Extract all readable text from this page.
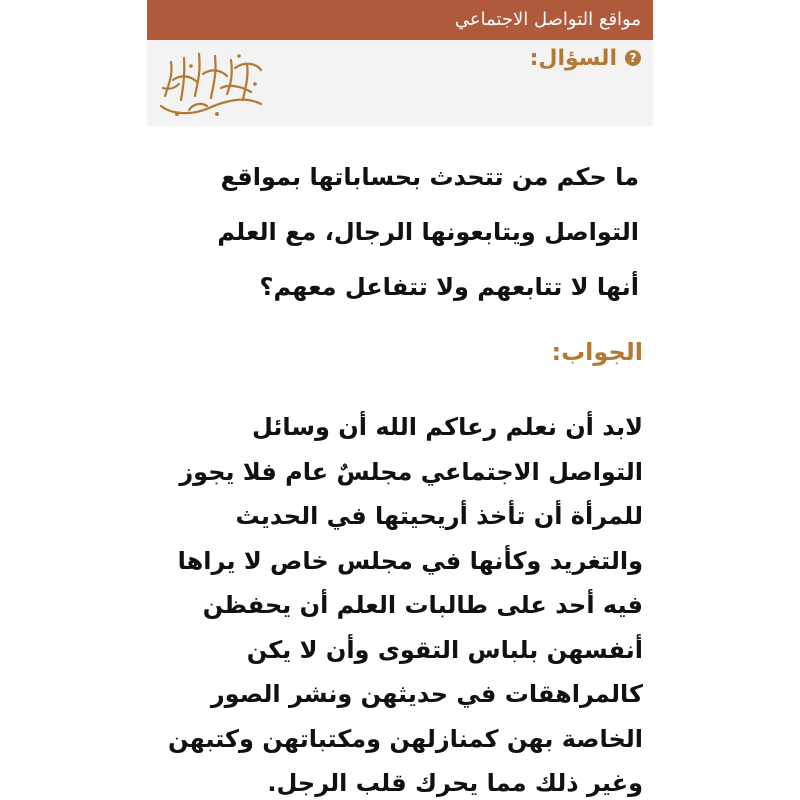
مواقع التواصل الاجتماعي
?
السؤال:
ما حكم من تتحدث بحساباتها بمواقع التواصل ويتابعونها الرجال، مع العلم أنها لا تتابعهم ولا تتفاعل معهم؟
الجواب:
لابد أن نعلم رعاكم الله أن وسائل التواصل الاجتماعي مجلسٌ عام فلا يجوز للمرأة أن تأخذ أريحيتها في الحديث والتغريد وكأنها في مجلس خاص لا يراها فيه أحد على طالبات العلم أن يحفظن أنفسهن بلباس التقوى وأن لا يكن كالمراهقات في حديثهن ونشر الصور الخاصة بهن كمنازلهن ومكتباتهن وكتبهن وغير ذلك مما يحرك قلب الرجل.
